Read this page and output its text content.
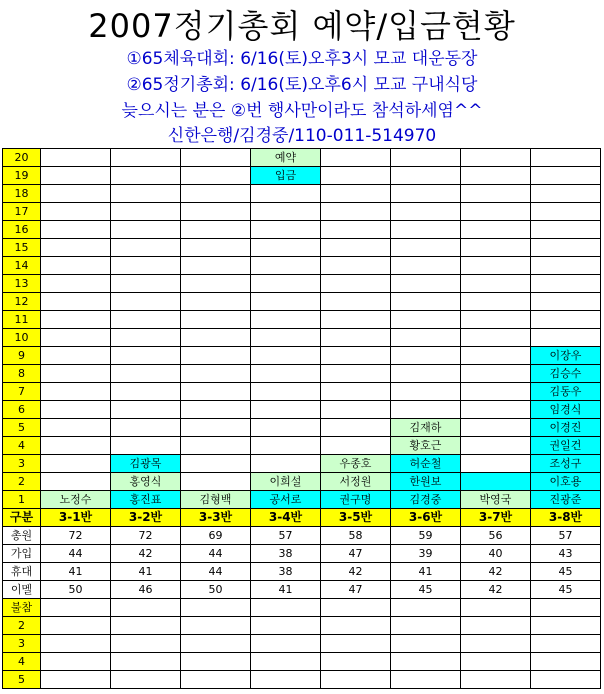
2007정기총회 예약/입금현황
①65체육대회: 6/16(토)오후3시 모교 대운동장
②65정기총회: 6/16(토)오후6시 모교 구내식당
늦으시는 분은 ②번 행사만이라도 참석하세염^^
신한은행/김경중/110-011-514970
20				예약				
19				입금				
18								
17								
16								
15								
14								
13								
12								
11								
10								
9								이장우
8								김승수
7								김동우
6								임경식
5						김재하		이경진
4						황호근		권일건
3		김광목			우종호	허순철		조성구
2		홍영식		이희설	서정원	한원보		이호용
1	노정수	홍진표	김형백	공서로	권구명	김경중	박영국	진광준
구분	3-1반	3-2반	3-3반	3-4반	3-5반	3-6반	3-7반	3-8반
총원	72	72	69	57	58	59	56	57
가입	44	42	44	38	47	39	40	43
휴대	41	41	44	38	42	41	42	45
이멜	50	46	50	41	47	45	42	45
불참								
2								
3								
4								
5								
